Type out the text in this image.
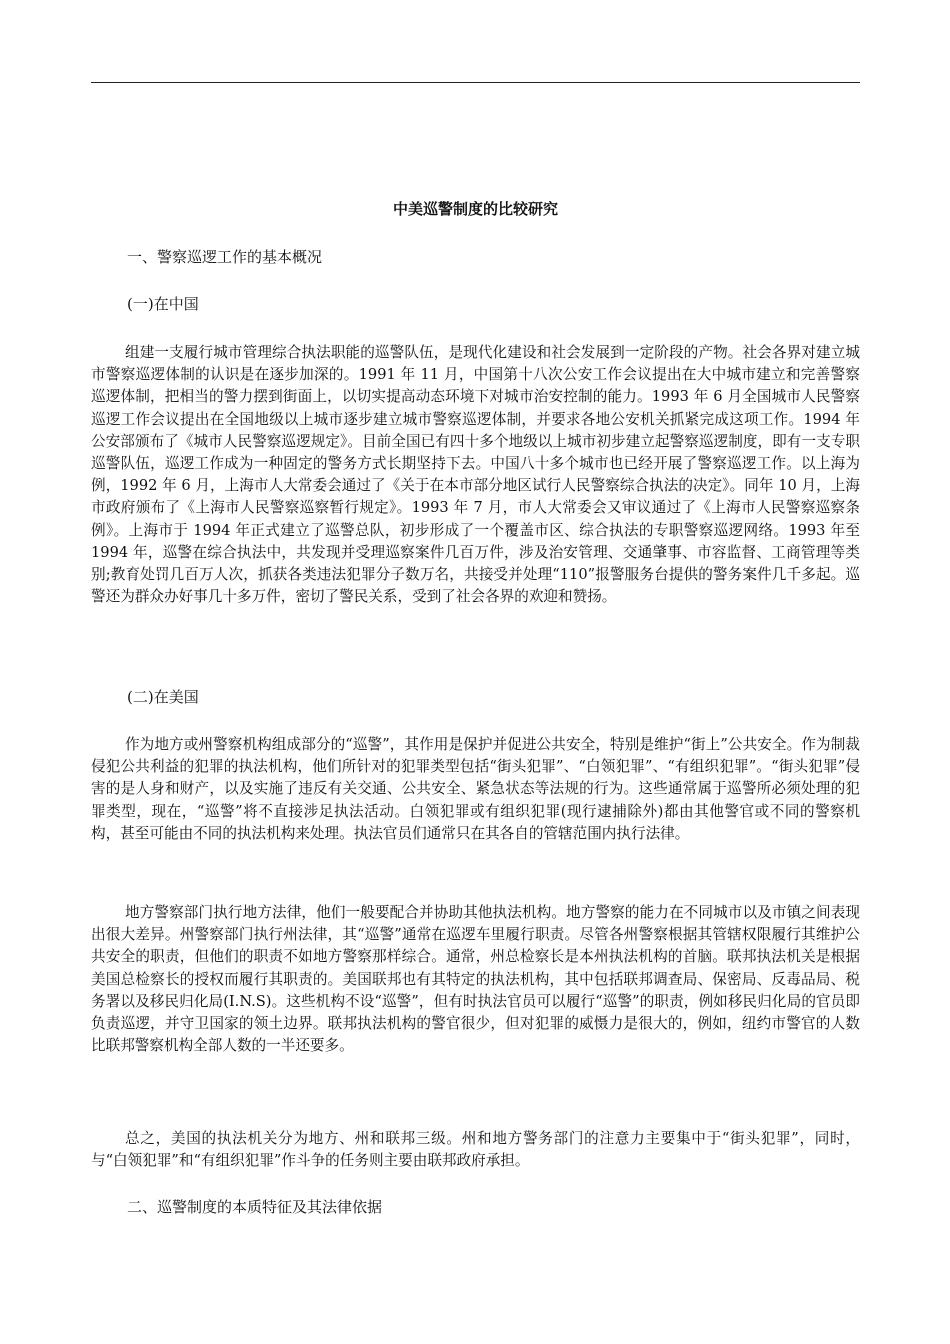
中美巡警制度的比较研究

一、警察巡逻工作的基本概况

(一)在中国

组建一支履行城市管理综合执法职能的巡警队伍，是现代化建设和社会发展到一定阶段的产物。社会各界对建立城市警察巡逻体制的认识是在逐步加深的。1991 年 11 月，中国第十八次公安工作会议提出在大中城市建立和完善警察巡逻体制，把相当的警力摆到街面上，以切实提高动态环境下对城市治安控制的能力。1993 年 6 月全国城市人民警察巡逻工作会议提出在全国地级以上城市逐步建立城市警察巡逻体制，并要求各地公安机关抓紧完成这项工作。1994 年公安部颁布了《城市人民警察巡逻规定》。目前全国已有四十多个地级以上城市初步建立起警察巡逻制度，即有一支专职巡警队伍，巡逻工作成为一种固定的警务方式长期坚持下去。中国八十多个城市也已经开展了警察巡逻工作。以上海为例，1992 年 6 月，上海市人大常委会通过了《关于在本市部分地区试行人民警察综合执法的决定》。同年 10 月，上海市政府颁布了《上海市人民警察巡察暂行规定》。1993 年 7 月，市人大常委会又审议通过了《上海市人民警察巡察条例》。上海市于 1994 年正式建立了巡警总队，初步形成了一个覆盖市区、综合执法的专职警察巡逻网络。1993 年至 1994 年，巡警在综合执法中，共发现并受理巡察案件几百万件，涉及治安管理、交通肇事、市容监督、工商管理等类别;教育处罚几百万人次，抓获各类违法犯罪分子数万名，共接受并处理“110”报警服务台提供的警务案件几千多起。巡警还为群众办好事几十多万件，密切了警民关系，受到了社会各界的欢迎和赞扬。

(二)在美国

作为地方或州警察机构组成部分的“巡警”，其作用是保护并促进公共安全，特别是维护“街上”公共安全。作为制裁侵犯公共利益的犯罪的执法机构，他们所针对的犯罪类型包括“街头犯罪”、“白领犯罪”、“有组织犯罪”。“街头犯罪”侵害的是人身和财产，以及实施了违反有关交通、公共安全、紧急状态等法规的行为。这些通常属于巡警所必须处理的犯罪类型，现在，“巡警”将不直接涉足执法活动。白领犯罪或有组织犯罪(现行逮捕除外)都由其他警官或不同的警察机构，甚至可能由不同的执法机构来处理。执法官员们通常只在其各自的管辖范围内执行法律。

地方警察部门执行地方法律，他们一般要配合并协助其他执法机构。地方警察的能力在不同城市以及市镇之间表现出很大差异。州警察部门执行州法律，其“巡警”通常在巡逻车里履行职责。尽管各州警察根据其管辖权限履行其维护公共安全的职责，但他们的职责不如地方警察那样综合。通常，州总检察长是本州执法机构的首脑。联邦执法机关是根据美国总检察长的授权而履行其职责的。美国联邦也有其特定的执法机构，其中包括联邦调查局、保密局、反毒品局、税务署以及移民归化局(I.N.S)。这些机构不设“巡警”，但有时执法官员可以履行“巡警”的职责，例如移民归化局的官员即负责巡逻，并守卫国家的领土边界。联邦执法机构的警官很少，但对犯罪的威慑力是很大的，例如，纽约市警官的人数比联邦警察机构全部人数的一半还要多。

总之，美国的执法机关分为地方、州和联邦三级。州和地方警务部门的注意力主要集中于“街头犯罪”，同时，与“白领犯罪”和“有组织犯罪”作斗争的任务则主要由联邦政府承担。

二、巡警制度的本质特征及其法律依据
